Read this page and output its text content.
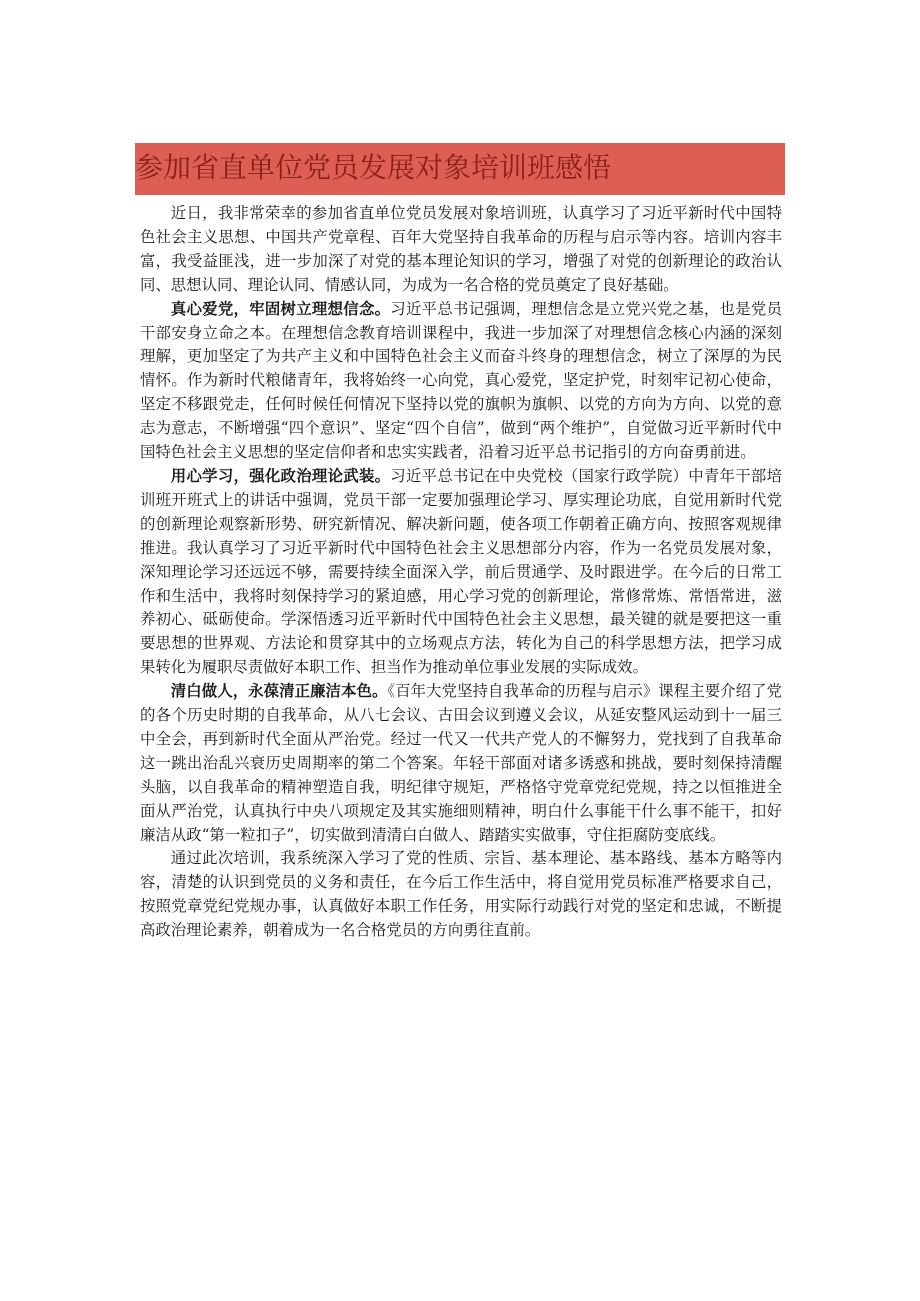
参加省直单位党员发展对象培训班感悟

近日，我非常荣幸的参加省直单位党员发展对象培训班，认真学习了习近平新时代中国特色社会主义思想、中国共产党章程、百年大党坚持自我革命的历程与启示等内容。培训内容丰富，我受益匪浅，进一步加深了对党的基本理论知识的学习，增强了对党的创新理论的政治认同、思想认同、理论认同、情感认同，为成为一名合格的党员奠定了良好基础。

真心爱党，牢固树立理想信念。习近平总书记强调，理想信念是立党兴党之基，也是党员干部安身立命之本。在理想信念教育培训课程中，我进一步加深了对理想信念核心内涵的深刻理解，更加坚定了为共产主义和中国特色社会主义而奋斗终身的理想信念，树立了深厚的为民情怀。作为新时代粮储青年，我将始终一心向党，真心爱党，坚定护党，时刻牢记初心使命，坚定不移跟党走，任何时候任何情况下坚持以党的旗帜为旗帜、以党的方向为方向、以党的意志为意志，不断增强“四个意识”、坚定“四个自信”，做到“两个维护”，自觉做习近平新时代中国特色社会主义思想的坚定信仰者和忠实实践者，沿着习近平总书记指引的方向奋勇前进。

用心学习，强化政治理论武装。习近平总书记在中央党校（国家行政学院）中青年干部培训班开班式上的讲话中强调，党员干部一定要加强理论学习、厚实理论功底，自觉用新时代党的创新理论观察新形势、研究新情况、解决新问题，使各项工作朝着正确方向、按照客观规律推进。我认真学习了习近平新时代中国特色社会主义思想部分内容，作为一名党员发展对象，深知理论学习还远远不够，需要持续全面深入学，前后贯通学、及时跟进学。在今后的日常工作和生活中，我将时刻保持学习的紧迫感，用心学习党的创新理论，常修常炼、常悟常进，滋养初心、砥砺使命。学深悟透习近平新时代中国特色社会主义思想，最关键的就是要把这一重要思想的世界观、方法论和贯穿其中的立场观点方法，转化为自己的科学思想方法，把学习成果转化为履职尽责做好本职工作、担当作为推动单位事业发展的实际成效。

清白做人，永葆清正廉洁本色。《百年大党坚持自我革命的历程与启示》课程主要介绍了党的各个历史时期的自我革命，从八七会议、古田会议到遵义会议，从延安整风运动到十一届三中全会，再到新时代全面从严治党。经过一代又一代共产党人的不懈努力，党找到了自我革命这一跳出治乱兴衰历史周期率的第二个答案。年轻干部面对诸多诱惑和挑战，要时刻保持清醒头脑，以自我革命的精神塑造自我，明纪律守规矩，严格恪守党章党纪党规，持之以恒推进全面从严治党，认真执行中央八项规定及其实施细则精神，明白什么事能干什么事不能干，扣好廉洁从政“第一粒扣子”，切实做到清清白白做人、踏踏实实做事，守住拒腐防变底线。

通过此次培训，我系统深入学习了党的性质、宗旨、基本理论、基本路线、基本方略等内容，清楚的认识到党员的义务和责任，在今后工作生活中，将自觉用党员标准严格要求自己，按照党章党纪党规办事，认真做好本职工作任务，用实际行动践行对党的坚定和忠诚，不断提高政治理论素养，朝着成为一名合格党员的方向勇往直前。
